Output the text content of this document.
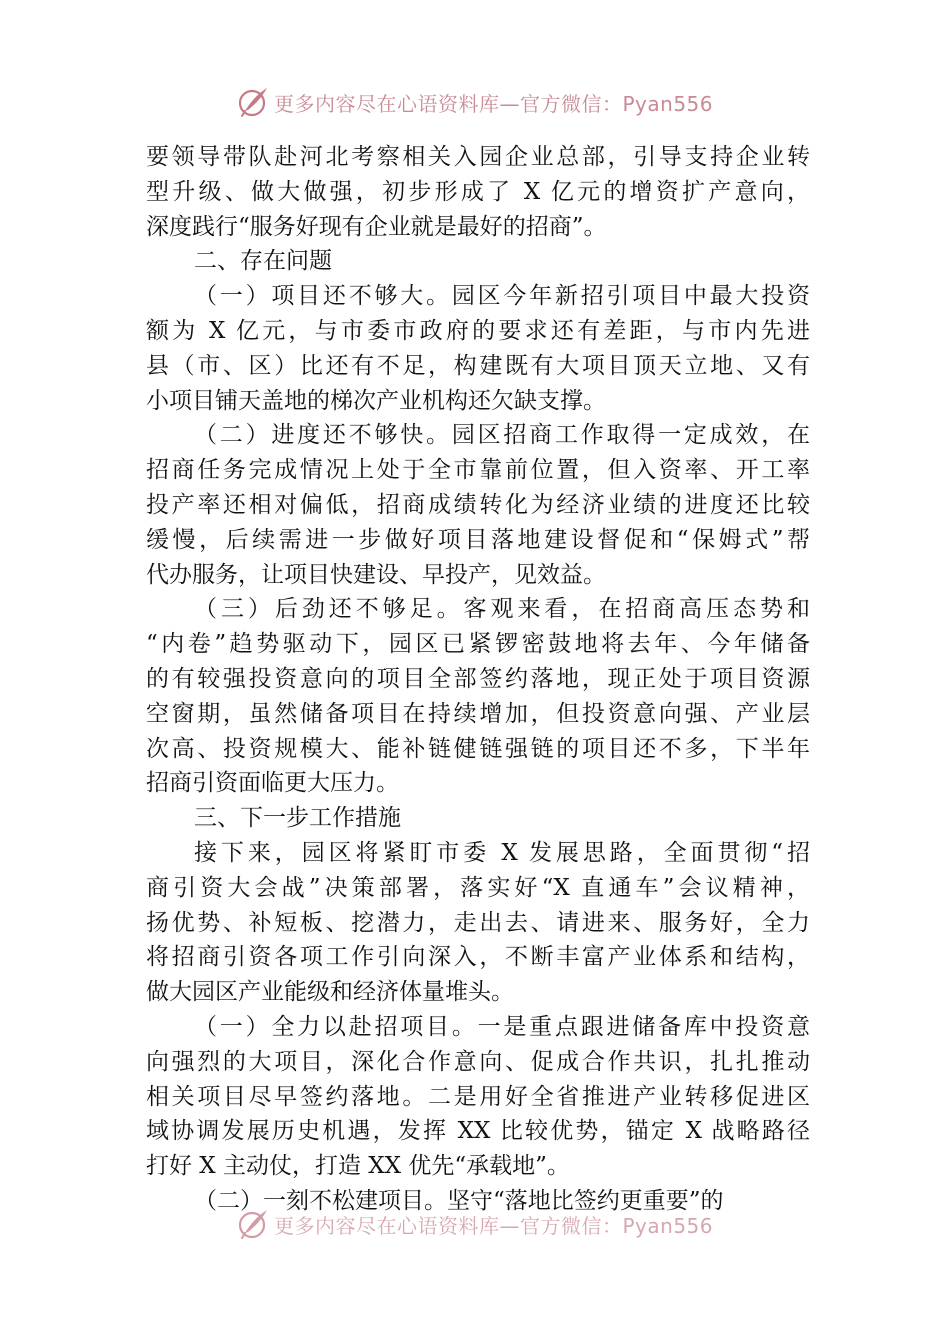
更多内容尽在心语资料库—官方微信：Pyan556
要领导带队赴河北考察相关入园企业总部，引导支持企业转
型升级、做大做强，初步形成了 X 亿元的增资扩产意向，
深度践行“服务好现有企业就是最好的招商”。
二、存在问题
（一）项目还不够大。园区今年新招引项目中最大投资
额为 X 亿元，与市委市政府的要求还有差距，与市内先进
县（市、区）比还有不足，构建既有大项目顶天立地、又有
小项目铺天盖地的梯次产业机构还欠缺支撑。
（二）进度还不够快。园区招商工作取得一定成效，在
招商任务完成情况上处于全市靠前位置，但入资率、开工率
投产率还相对偏低，招商成绩转化为经济业绩的进度还比较
缓慢，后续需进一步做好项目落地建设督促和“保姆式”帮
代办服务，让项目快建设、早投产，见效益。
（三）后劲还不够足。客观来看，在招商高压态势和
“内卷”趋势驱动下，园区已紧锣密鼓地将去年、今年储备
的有较强投资意向的项目全部签约落地，现正处于项目资源
空窗期，虽然储备项目在持续增加，但投资意向强、产业层
次高、投资规模大、能补链健链强链的项目还不多，下半年
招商引资面临更大压力。
三、下一步工作措施
接下来，园区将紧盯市委 X 发展思路，全面贯彻“招
商引资大会战”决策部署，落实好“X 直通车”会议精神，
扬优势、补短板、挖潜力，走出去、请进来、服务好，全力
将招商引资各项工作引向深入，不断丰富产业体系和结构，
做大园区产业能级和经济体量堆头。
（一）全力以赴招项目。一是重点跟进储备库中投资意
向强烈的大项目，深化合作意向、促成合作共识，扎扎推动
相关项目尽早签约落地。二是用好全省推进产业转移促进区
域协调发展历史机遇，发挥 XX 比较优势，锚定 X 战略路径
打好 X 主动仗，打造 XX 优先“承载地”。
（二）一刻不松建项目。坚守“落地比签约更重要”的
更多内容尽在心语资料库—官方微信：Pyan556
